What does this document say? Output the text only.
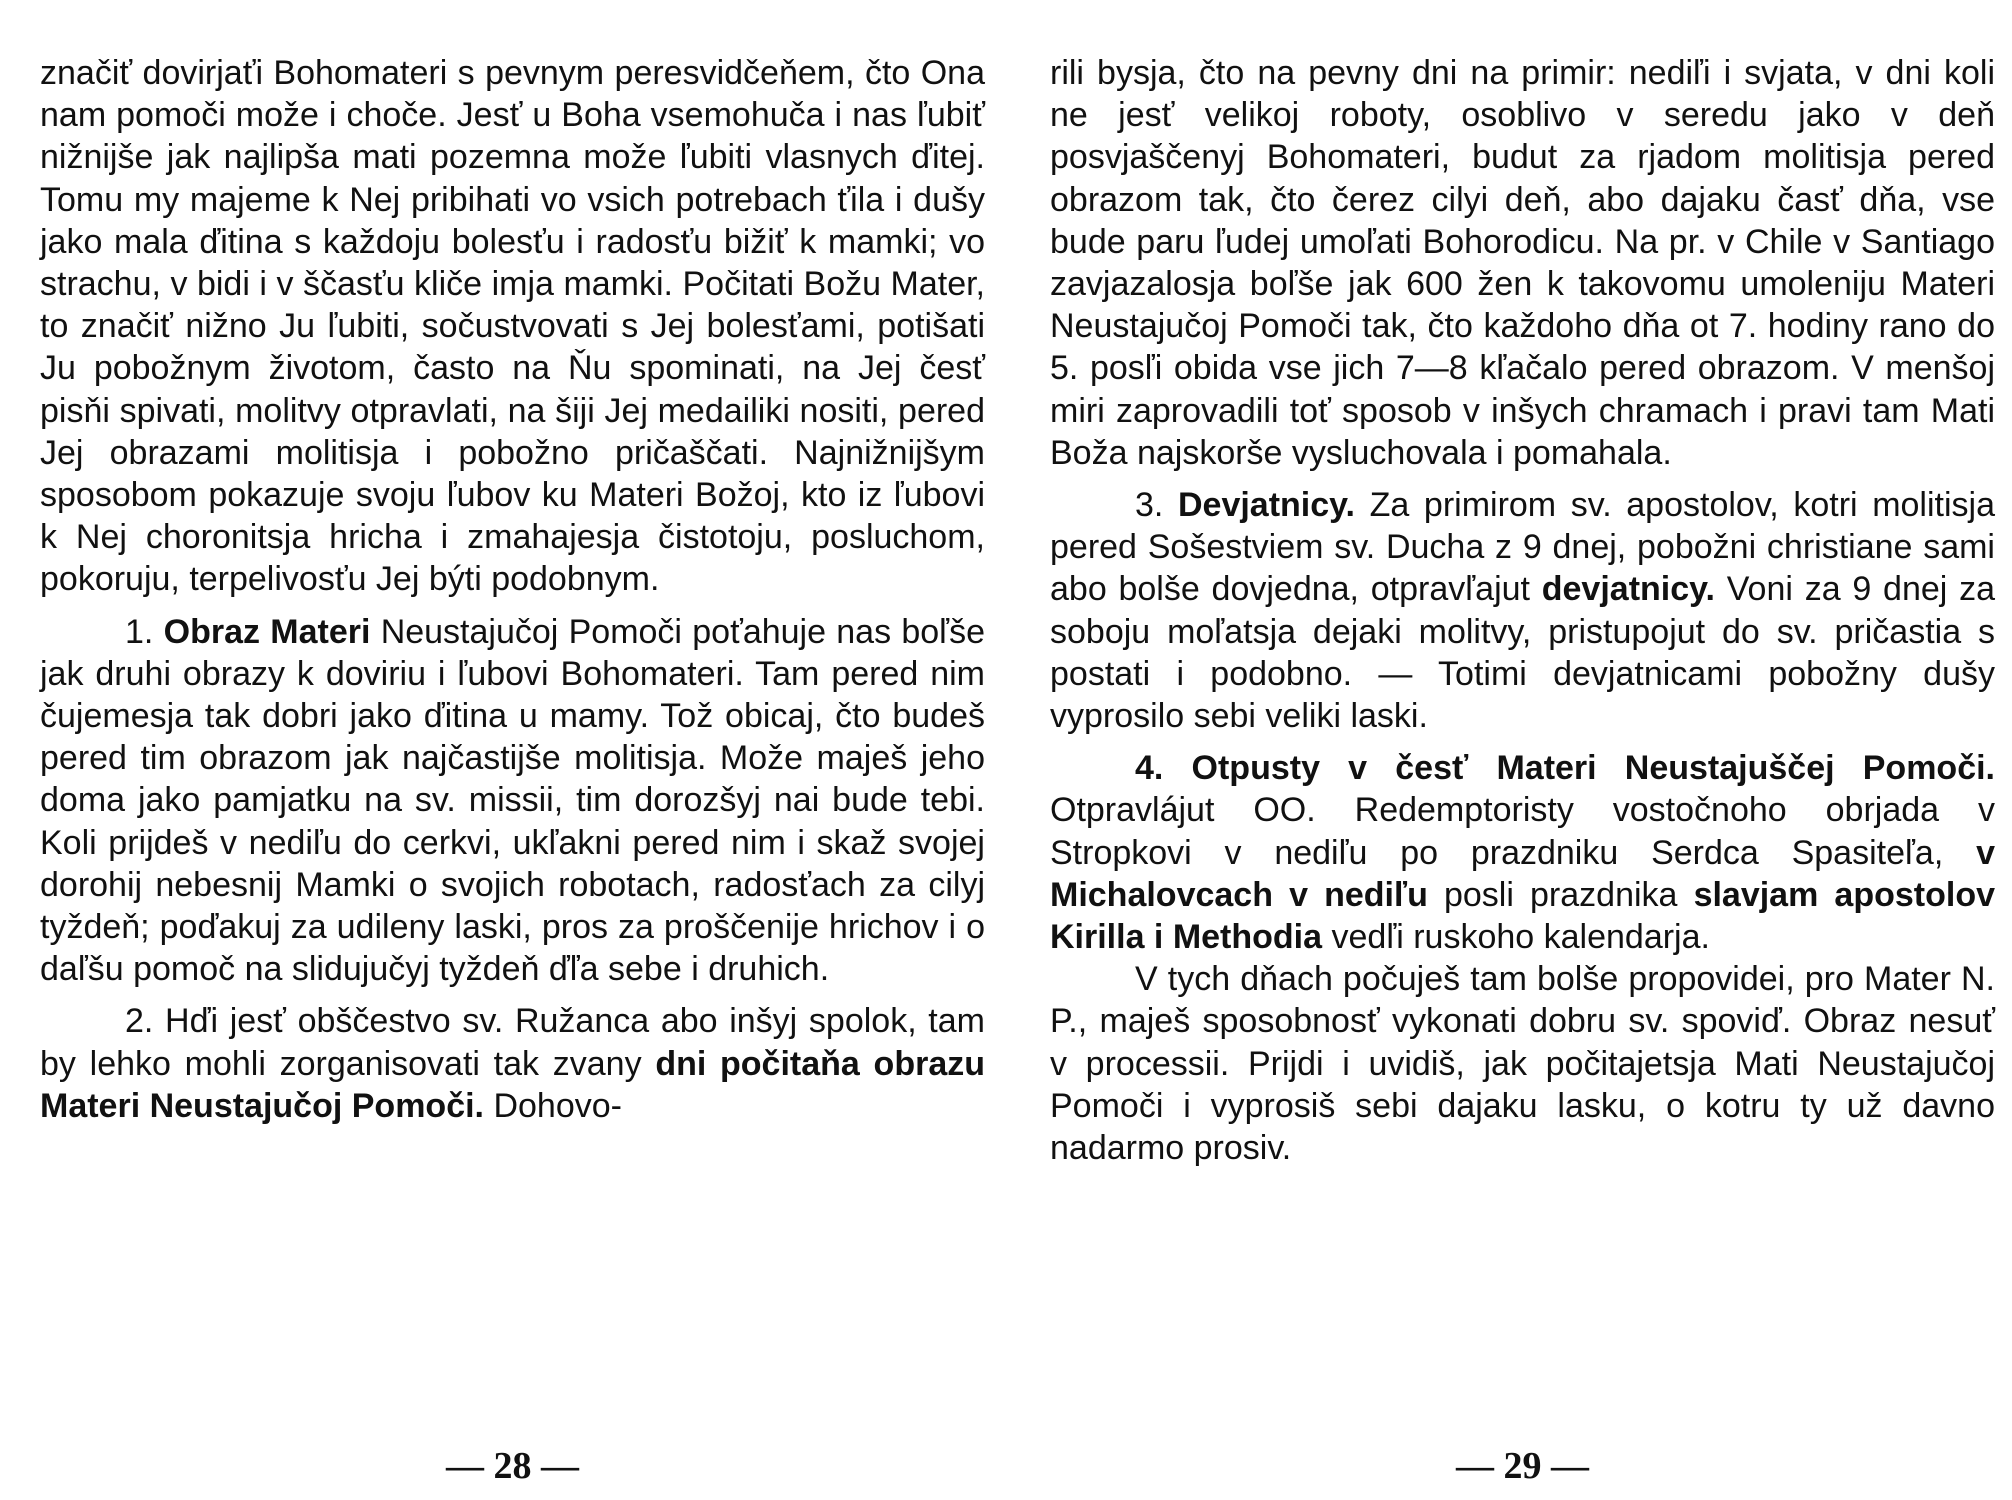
značiť dovirjaťi Bohomateri s pevnym peresvidčeňem, čto Ona nam pomoči može i choče. Jesť u Boha vsemohuča i nas ľubiť nižnijše jak najlipša mati pozemna može ľubiti vlasnych ďitej. Tomu my majeme k Nej pribihati vo vsich potrebach ťila i dušy jako mala ďitina s každoju bolesťu i radosťu bižiť k mamki; vo strachu, v bidi i v ščasťu kliče imja mamki. Počitati Božu Mater, to značiť nižno Ju ľubiti, sočustvovati s Jej bolesťami, potišati Ju pobožnym životom, často na Ňu spominati, na Jej česť pisňi spivati, molitvy otpravlati, na šiji Jej medailiki nositi, pered Jej obrazami molitisja i pobožno pričaščati. Najnižnijšym sposobom pokazuje svoju ľubov ku Materi Božoj, kto iz ľubovi k Nej choronitsja hricha i zmahajesja čistotoju, posluchom, pokoruju, terpelivosťu Jej býti podobnym.

1. Obraz Materi Neustajučoj Pomoči poťahuje nas boľše jak druhi obrazy k doviriu i ľubovi Bohomateri. Tam pered nim čujemesja tak dobri jako ďitina u mamy. Tož obicaj, čto budeš pered tim obrazom jak najčastijše molitisja. Može maješ jeho doma jako pamjatku na sv. missii, tim dorozšyj nai bude tebi. Koli prijdeš v nediľu do cerkvi, ukľakni pered nim i skaž svojej dorohij nebesnij Mamki o svojich robotach, radosťach za cilyj tyždeň; poďakuj za udileny laski, pros za proščenije hrichov i o daľšu pomoč na slidujučyj tyždeň ďľa sebe i druhich.

2. Hďi jesť obščestvo sv. Ružanca abo inšyj spolok, tam by lehko mohli zorganisovati tak zvany dni počitaňa obrazu Materi Neustajučoj Pomoči. Dohovo-

— 28 —

rili bysja, čto na pevny dni na primir: nediľi i svjata, v dni koli ne jesť velikoj roboty, osoblivo v seredu jako v deň posvjaščenyj Bohomateri, budut za rjadom molitisja pered obrazom tak, čto čerez cilyi deň, abo dajaku časť dňa, vse bude paru ľudej umoľati Bohorodicu. Na pr. v Chile v Santiago zavjazalosja boľše jak 600 žen k takovomu umoleniju Materi Neustajučoj Pomoči tak, čto každoho dňa ot 7. hodiny rano do 5. posľi obida vse jich 7—8 kľačalo pered obrazom. V menšoj miri zaprovadili toť sposob v inšych chramach i pravi tam Mati Boža najskorše vysluchovala i pomahala.

3. Devjatnicy. Za primirom sv. apostolov, kotri molitisja pered Sošestviem sv. Ducha z 9 dnej, pobožni christiane sami abo bolše dovjedna, otpravľajut devjatnicy. Voni za 9 dnej za soboju moľatsja dejaki molitvy, pristupojut do sv. pričastia s postati i podobno. — Totimi devjatnicami pobožny dušy vyprosilo sebi veliki laski.

4. Otpusty v česť Materi Neustajuščej Pomoči. Otpravlájut OO. Redemptoristy vostočnoho obrjada v Stropkovi v nediľu po prazdniku Serdca Spasiteľa, v Michalovcach v nediľu posli prazdnika slavjam apostolov Kirilla i Methodia vedľi ruskoho kalendarja.

V tych dňach počuješ tam bolše propovidei, pro Mater N. P., maješ sposobnosť vykonati dobru sv. spoviď. Obraz nesuť v processii. Prijdi i uvidiš, jak počitajetsja Mati Neustajučoj Pomoči i vyprosiš sebi dajaku lasku, o kotru ty už davno nadarmo prosiv.

— 29 —
